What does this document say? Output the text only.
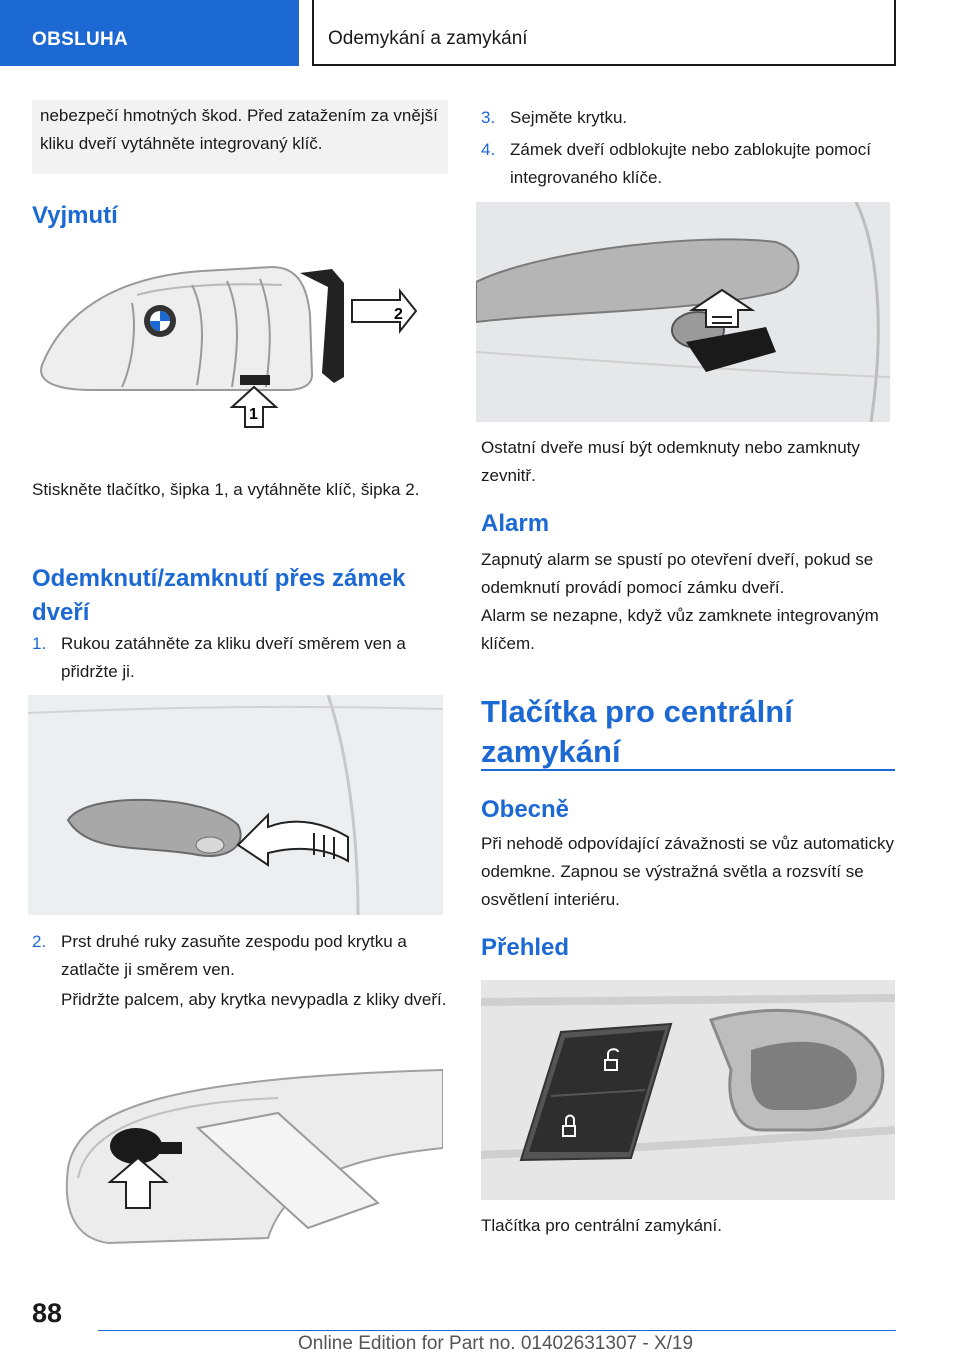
OBSLUHA	Odemykání a zamykání
nebezpečí hmotných škod. Před zatažením za vnější kliku dveří vytáhněte integrovaný klíč.
Vyjmutí
2
1

Stiskněte tlačítko, šipka 1, a vytáhněte klíč, šipka 2.

Odemknutí/zamknutí přes zámek dveří
1. Rukou zatáhněte za kliku dveří směrem ven a přidržte ji.
2. Prst druhé ruky zasuňte zespodu pod krytku a zatlačte ji směrem ven.

Přidržte palcem, aby krytka nevypadla z kliky dveří.

3. Sejměte krytku.
4. Zámek dveří odblokujte nebo zablokujte pomocí integrovaného klíče.

Ostatní dveře musí být odemknuty nebo zamknuty zevnitř.

Alarm

Zapnutý alarm se spustí po otevření dveří, pokud se odemknutí provádí pomocí zámku dveří.

Alarm se nezapne, když vůz zamknete integrovaným klíčem.

Tlačítka pro centrální zamykání
Obecně

Při nehodě odpovídající závažnosti se vůz automaticky odemkne. Zapnou se výstražná světla a rozsvítí se osvětlení interiéru.

Přehled

Tlačítka pro centrální zamykání.

88
Online Edition for Part no. 01402631307 - X/19
